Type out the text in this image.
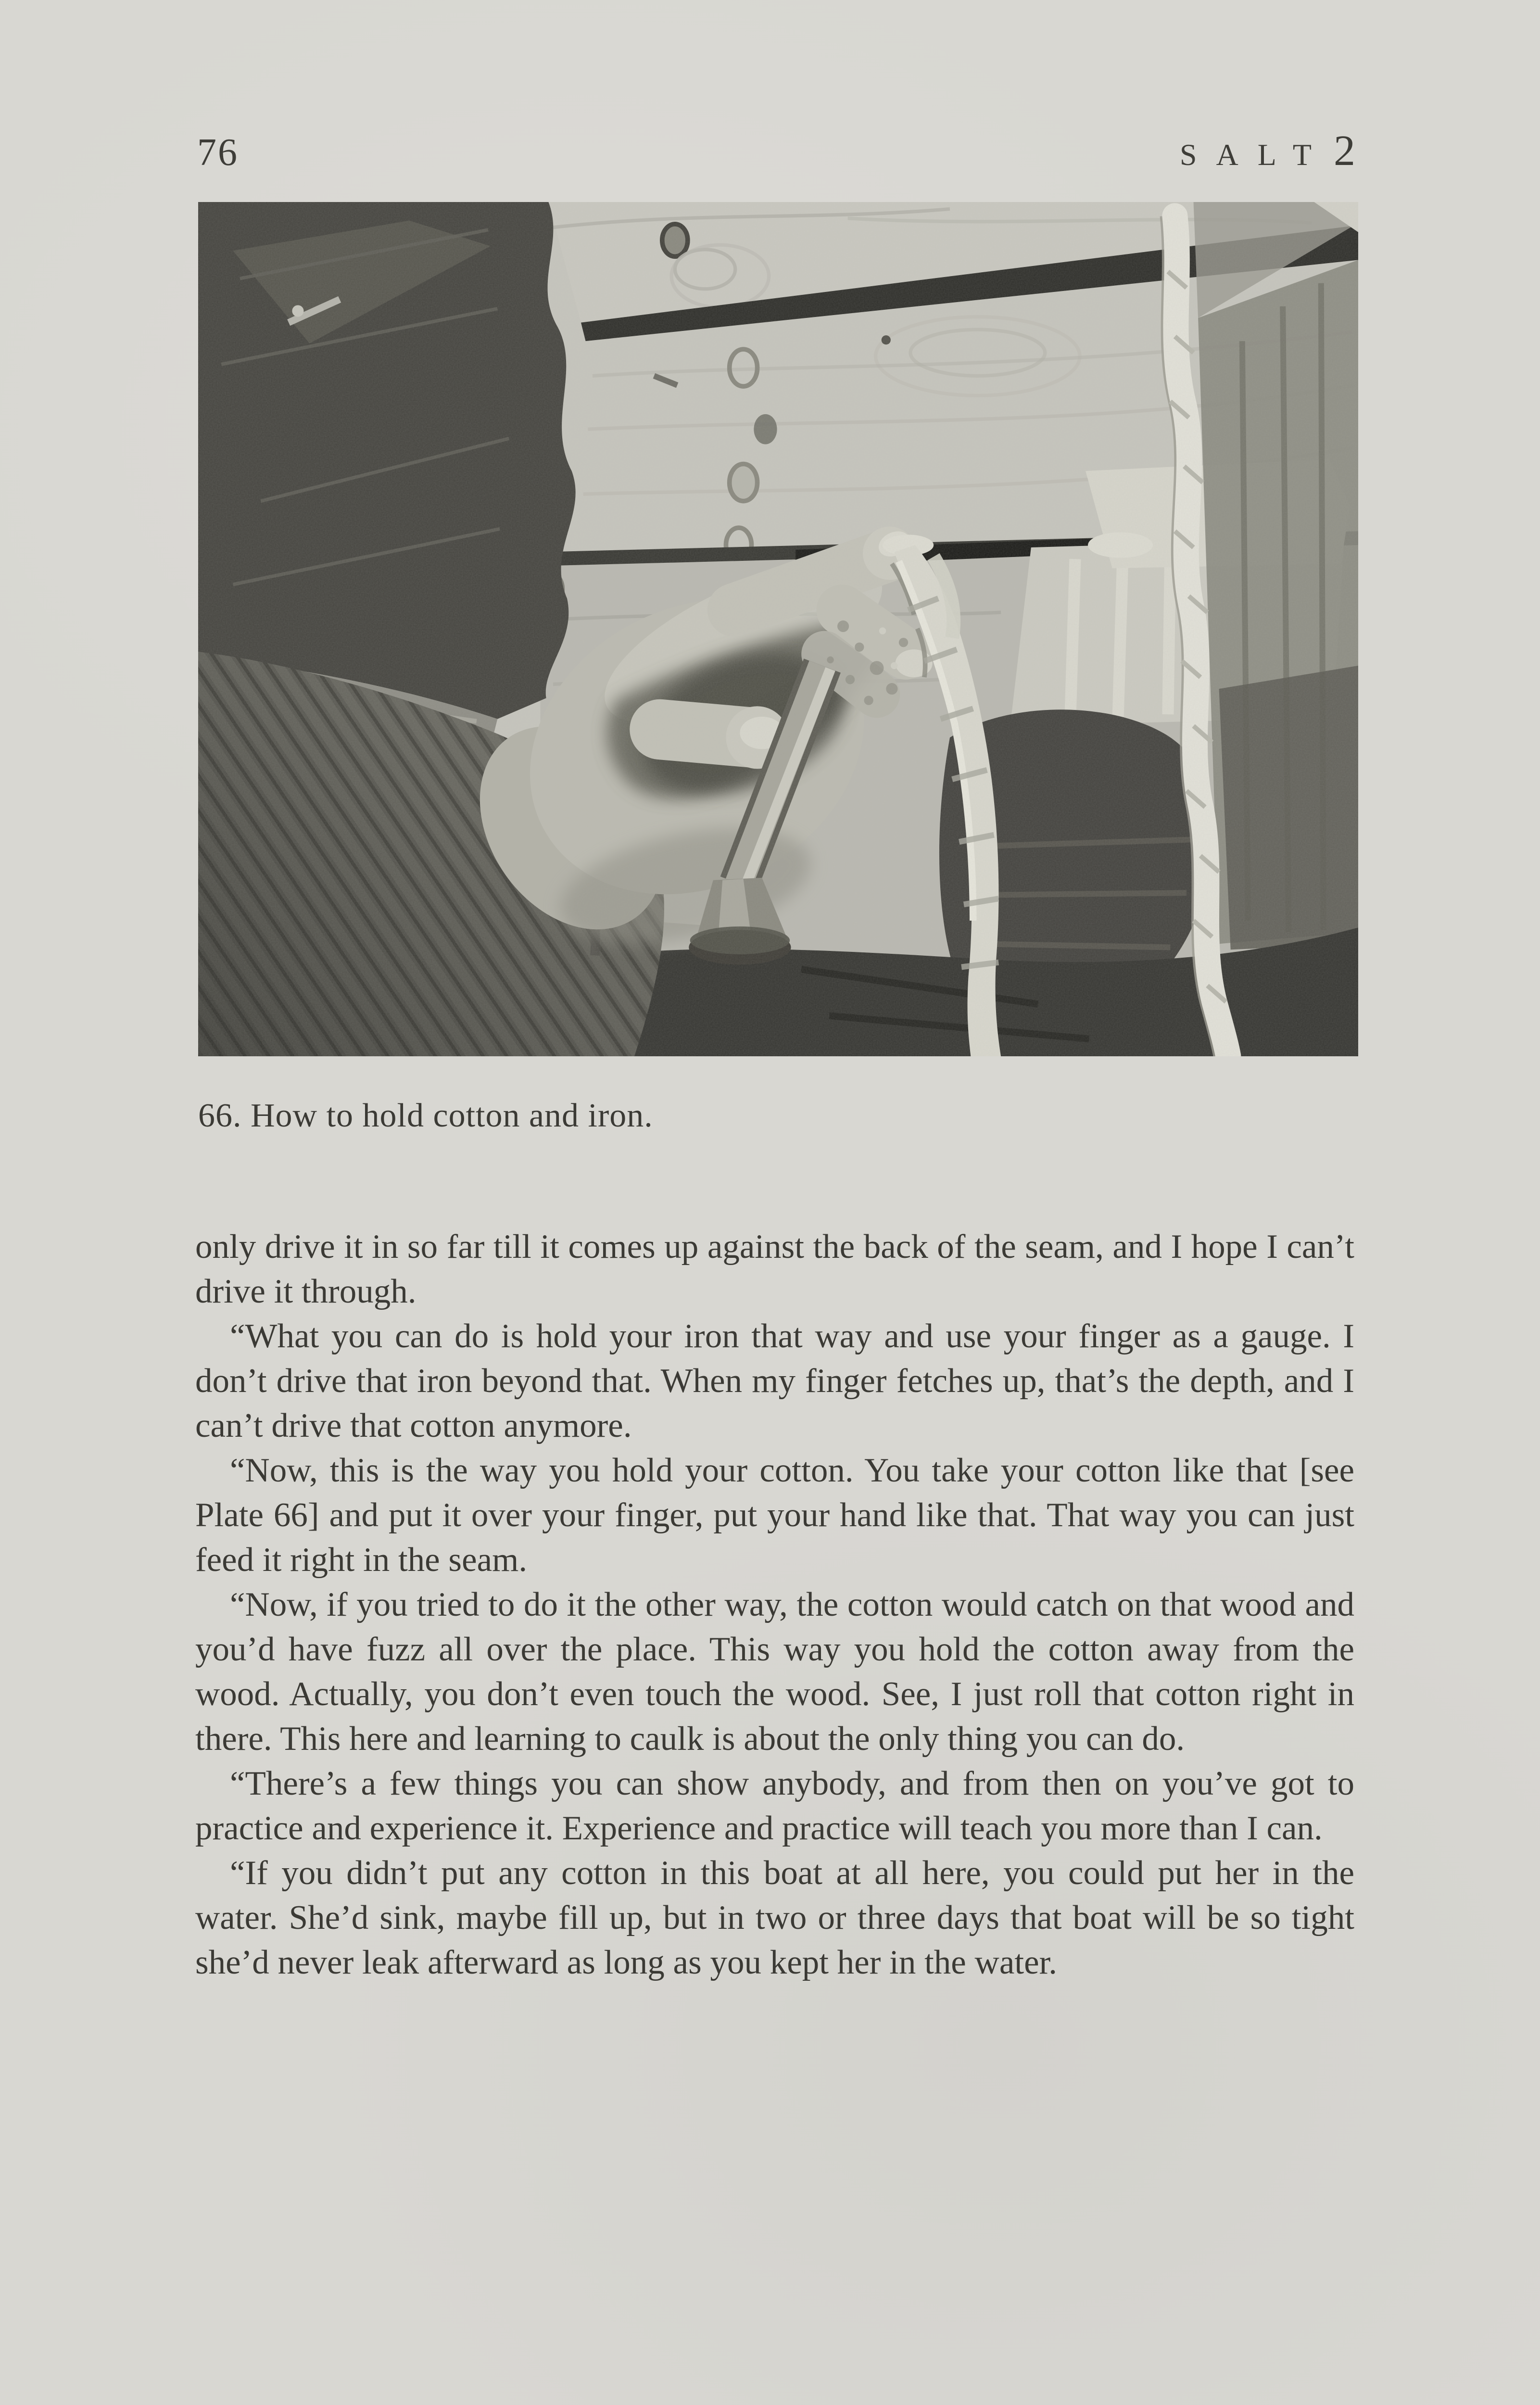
76	SALT 2
66. How to hold cotton and iron.

only drive it in so far till it comes up against the back of the seam, and I hope I can’t drive it through.

“What you can do is hold your iron that way and use your finger as a gauge. I don’t drive that iron beyond that. When my finger fetches up, that’s the depth, and I can’t drive that cotton anymore.

“Now, this is the way you hold your cotton. You take your cotton like that [see Plate 66] and put it over your finger, put your hand like that. That way you can just feed it right in the seam.

“Now, if you tried to do it the other way, the cotton would catch on that wood and you’d have fuzz all over the place. This way you hold the cotton away from the wood. Actually, you don’t even touch the wood. See, I just roll that cotton right in there. This here and learning to caulk is about the only thing you can do.

“There’s a few things you can show anybody, and from then on you’ve got to practice and experience it. Experience and practice will teach you more than I can.

“If you didn’t put any cotton in this boat at all here, you could put her in the water. She’d sink, maybe fill up, but in two or three days that boat will be so tight she’d never leak afterward as long as you kept her in the water.
